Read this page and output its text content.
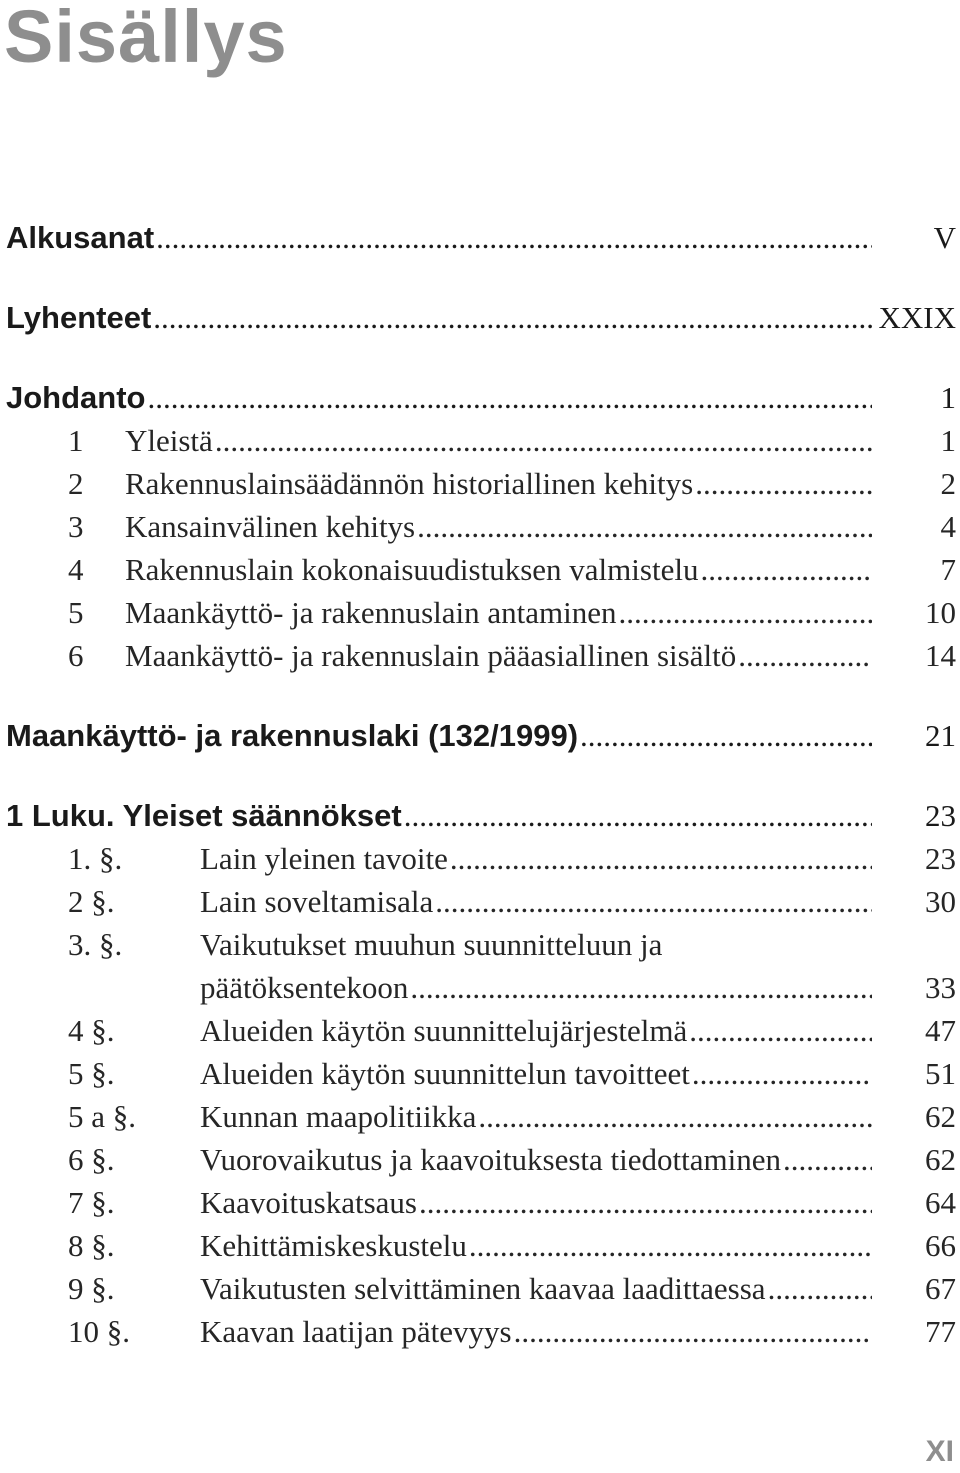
Sisällys
Alkusanat .....	V
Lyhenteet .....	XXIX
Johdanto .....	1
1 Yleistä .....	1
2 Rakennuslainsäädännön historiallinen kehitys .....	2
3 Kansainvälinen kehitys .....	4
4 Rakennuslain kokonaisuudistuksen valmistelu .....	7
5 Maankäyttö- ja rakennuslain antaminen .....	10
6 Maankäyttö- ja rakennuslain pääasiallinen sisältö .....	14
Maankäyttö- ja rakennuslaki (132/1999) .....	21
1 Luku. Yleiset säännökset .....	23
1. §.	Lain yleinen tavoite .....	23
2 §.	Lain soveltamisala .....	30
3. §.	Vaikutukset muuhun suunnitteluun ja
päätöksentekoon .....	33
4 §.	Alueiden käytön suunnittelujärjestelmä .....	47
5 §.	Alueiden käytön suunnittelun tavoitteet .....	51
5 a §. Kunnan maapolitiikka .....	62
6 §.	Vuorovaikutus ja kaavoituksesta tiedottaminen .....	62
7 §.	Kaavoituskatsaus .....	64
8 §.	Kehittämiskeskustelu .....	66
9 §.	Vaikutusten selvittäminen kaavaa laadittaessa .....	67
10 §. Kaavan laatijan pätevyys .....	77
XI
